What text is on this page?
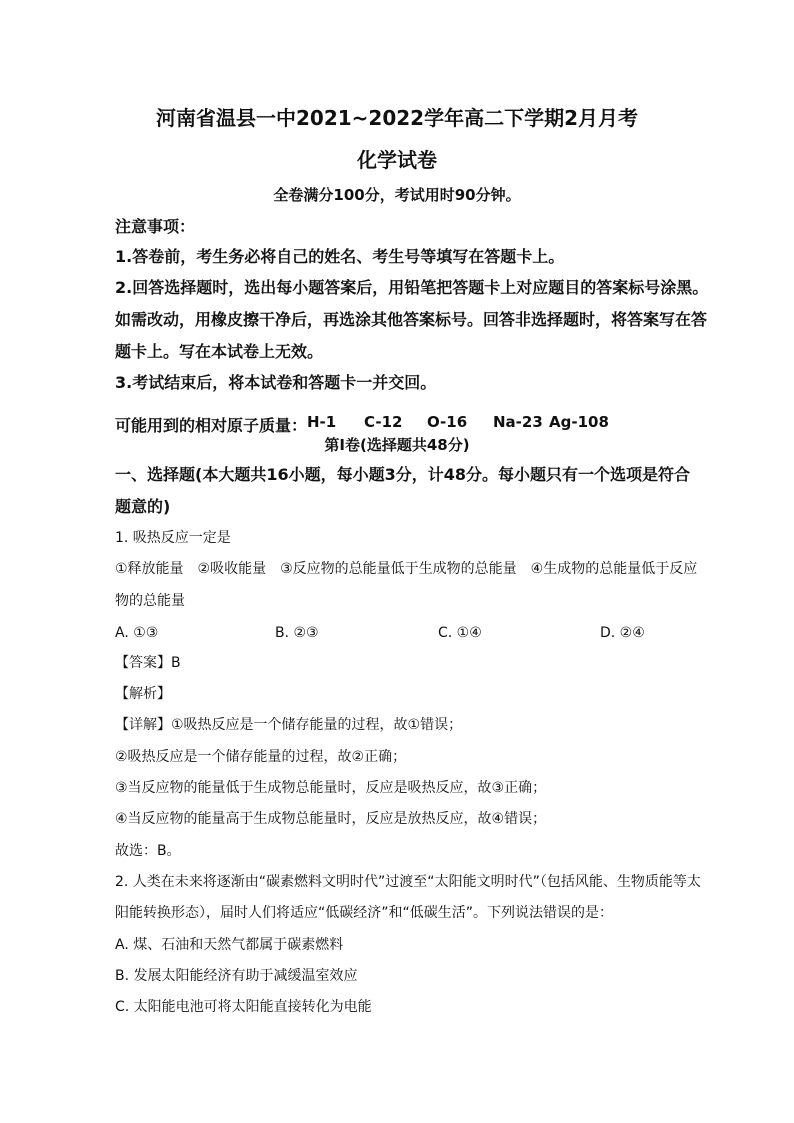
河南省温县一中2021~2022学年高二下学期2月月考
化学试卷
全卷满分100分，考试用时90分钟。
注意事项：
1.答卷前，考生务必将自己的姓名、考生号等填写在答题卡上。
2.回答选择题时，选出每小题答案后，用铅笔把答题卡上对应题目的答案标号涂黑。
如需改动，用橡皮擦干净后，再选涂其他答案标号。回答非选择题时，将答案写在答
题卡上。写在本试卷上无效。
3.考试结束后，将本试卷和答题卡一并交回。
可能用到的相对原子质量： H-1 C-12 O-16 Na-23 Ag-108
第Ⅰ卷(选择题共48分)
一、选择题(本大题共16小题，每小题3分，计48分。每小题只有一个选项是符合
题意的)
1. 吸热反应一定是
①释放能量　②吸收能量　③反应物的总能量低于生成物的总能量　④生成物的总能量低于反应
物的总能量
A. ①③	B. ②③	C. ①④	D. ②④
【答案】B
【解析】
【详解】①吸热反应是一个储存能量的过程，故①错误；
②吸热反应是一个储存能量的过程，故②正确；
③当反应物的能量低于生成物总能量时，反应是吸热反应，故③正确；
④当反应物的能量高于生成物总能量时，反应是放热反应，故④错误；
故选：B。
2. 人类在未来将逐渐由“碳素燃料文明时代”过渡至“太阳能文明时代”（包括风能、生物质能等太
阳能转换形态），届时人们将适应“低碳经济”和“低碳生活”。下列说法错误的是：
A. 煤、石油和天然气都属于碳素燃料
B. 发展太阳能经济有助于减缓温室效应
C. 太阳能电池可将太阳能直接转化为电能
